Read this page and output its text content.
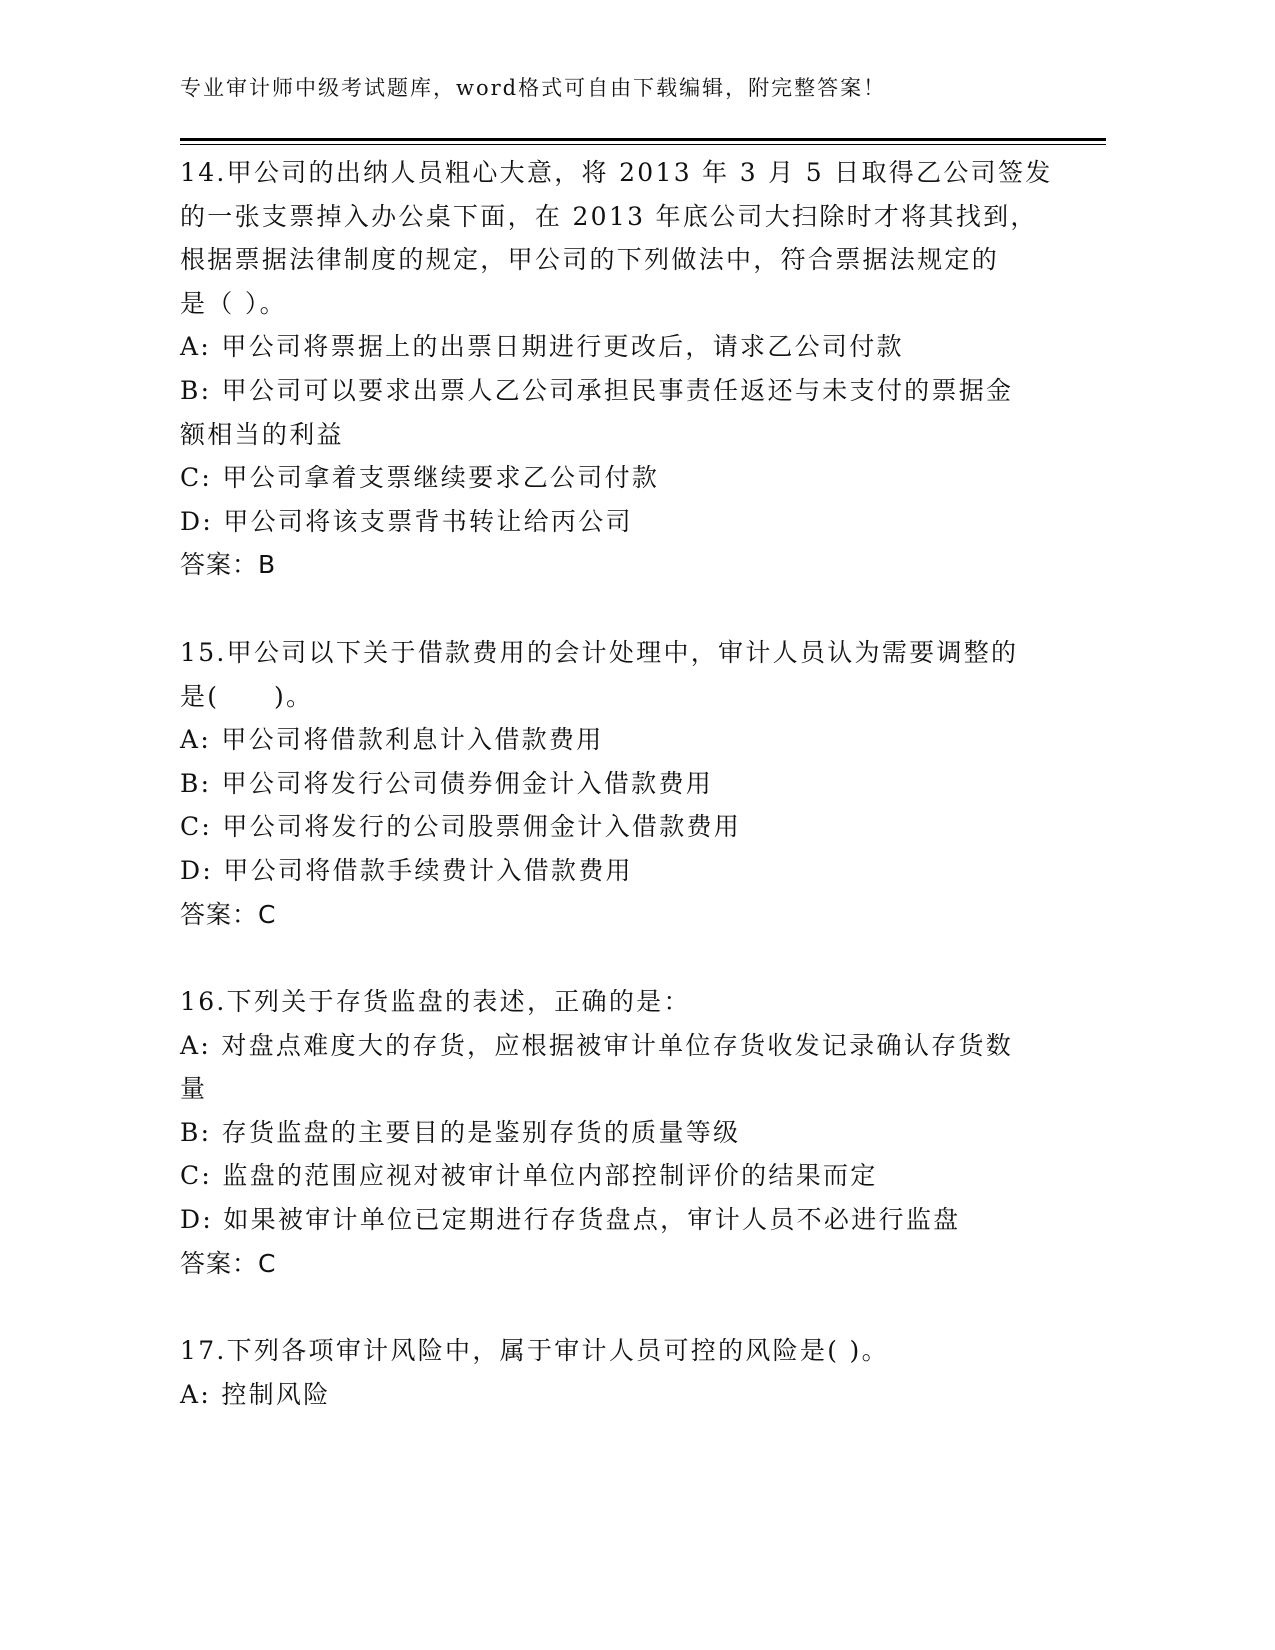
专业审计师中级考试题库，word格式可自由下载编辑，附完整答案！
14.甲公司的出纳人员粗心大意，将 2013 年 3 月 5 日取得乙公司签发
的一张支票掉入办公桌下面，在 2013 年底公司大扫除时才将其找到，
根据票据法律制度的规定，甲公司的下列做法中，符合票据法规定的
是（ ）。
A: 甲公司将票据上的出票日期进行更改后，请求乙公司付款
B: 甲公司可以要求出票人乙公司承担民事责任返还与未支付的票据金
额相当的利益
C: 甲公司拿着支票继续要求乙公司付款
D: 甲公司将该支票背书转让给丙公司
答案：B
15.甲公司以下关于借款费用的会计处理中，审计人员认为需要调整的
是(　　)。
A: 甲公司将借款利息计入借款费用
B: 甲公司将发行公司债券佣金计入借款费用
C: 甲公司将发行的公司股票佣金计入借款费用
D: 甲公司将借款手续费计入借款费用
答案：C
16.下列关于存货监盘的表述，正确的是：
A: 对盘点难度大的存货，应根据被审计单位存货收发记录确认存货数
量
B: 存货监盘的主要目的是鉴别存货的质量等级
C: 监盘的范围应视对被审计单位内部控制评价的结果而定
D: 如果被审计单位已定期进行存货盘点，审计人员不必进行监盘
答案：C
17.下列各项审计风险中，属于审计人员可控的风险是( )。
A: 控制风险
